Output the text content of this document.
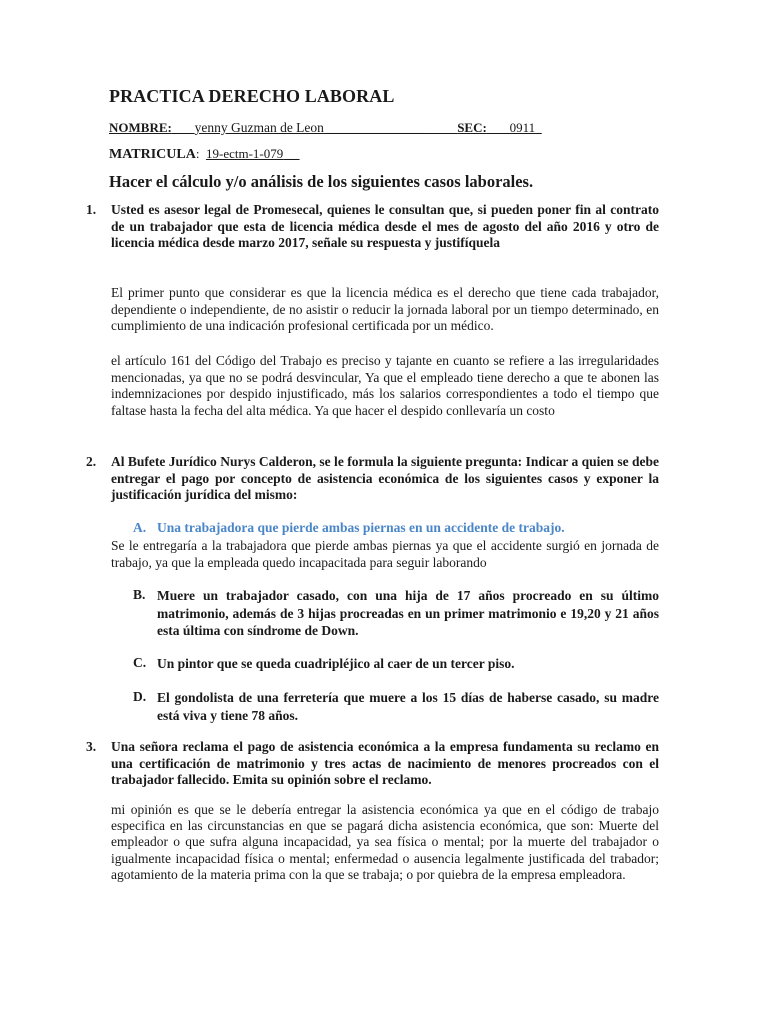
PRACTICA DERECHO LABORAL
NOMBRE: yenny Guzman de Leon _______________          SEC: 0911_
MATRICULA:  19-ectm-1-079 __
Hacer el cálculo y/o análisis de los siguientes casos laborales.
1. Usted es asesor legal de Promesecal, quienes le consultan que, si pueden poner fin al contrato de un trabajador que esta de licencia médica desde el mes de agosto del año 2016 y otro de licencia médica desde marzo 2017, señale su respuesta y justifíquela
El primer punto que considerar es que la licencia médica es el derecho que tiene cada trabajador, dependiente o independiente, de no asistir o reducir la jornada laboral por un tiempo determinado, en cumplimiento de una indicación profesional certificada por un médico.
el artículo 161 del Código del Trabajo es preciso y tajante en cuanto se refiere a las irregularidades mencionadas, ya que no se podrá desvincular, Ya que el empleado tiene derecho a que te abonen las indemnizaciones por despido injustificado, más los salarios correspondientes a todo el tiempo que faltase hasta la fecha del alta médica. Ya que hacer el despido conllevaría un costo
2. Al Bufete Jurídico Nurys Calderon, se le formula la siguiente pregunta: Indicar a quien se debe entregar el pago por concepto de asistencia económica de los siguientes casos y exponer la justificación jurídica del mismo:
A. Una trabajadora que pierde ambas piernas en un accidente de trabajo.
Se le entregaría a la trabajadora que pierde ambas piernas ya que el accidente surgió en jornada de trabajo, ya que la empleada quedo incapacitada para seguir laborando
B. Muere un trabajador casado, con una hija de 17 años procreado en su último matrimonio, además de 3 hijas procreadas en un primer matrimonio e 19,20 y 21 años esta última con síndrome de Down.
C. Un pintor que se queda cuadripléjico al caer de un tercer piso.
D. El gondolista de una ferretería que muere a los 15 días de haberse casado, su madre está viva y tiene 78 años.
3. Una señora reclama el pago de asistencia económica a la empresa fundamenta su reclamo en una certificación de matrimonio y tres actas de nacimiento de menores procreados con el trabajador fallecido. Emita su opinión sobre el reclamo.
mi opinión es que se le debería entregar la asistencia económica ya que en el código de trabajo especifica en las circunstancias en que se pagará dicha asistencia económica, que son: Muerte del empleador o que sufra alguna incapacidad, ya sea física o mental; por la muerte del trabajador o igualmente incapacidad física o mental; enfermedad o ausencia legalmente justificada del trabador; agotamiento de la materia prima con la que se trabaja; o por quiebra de la empresa empleadora.
